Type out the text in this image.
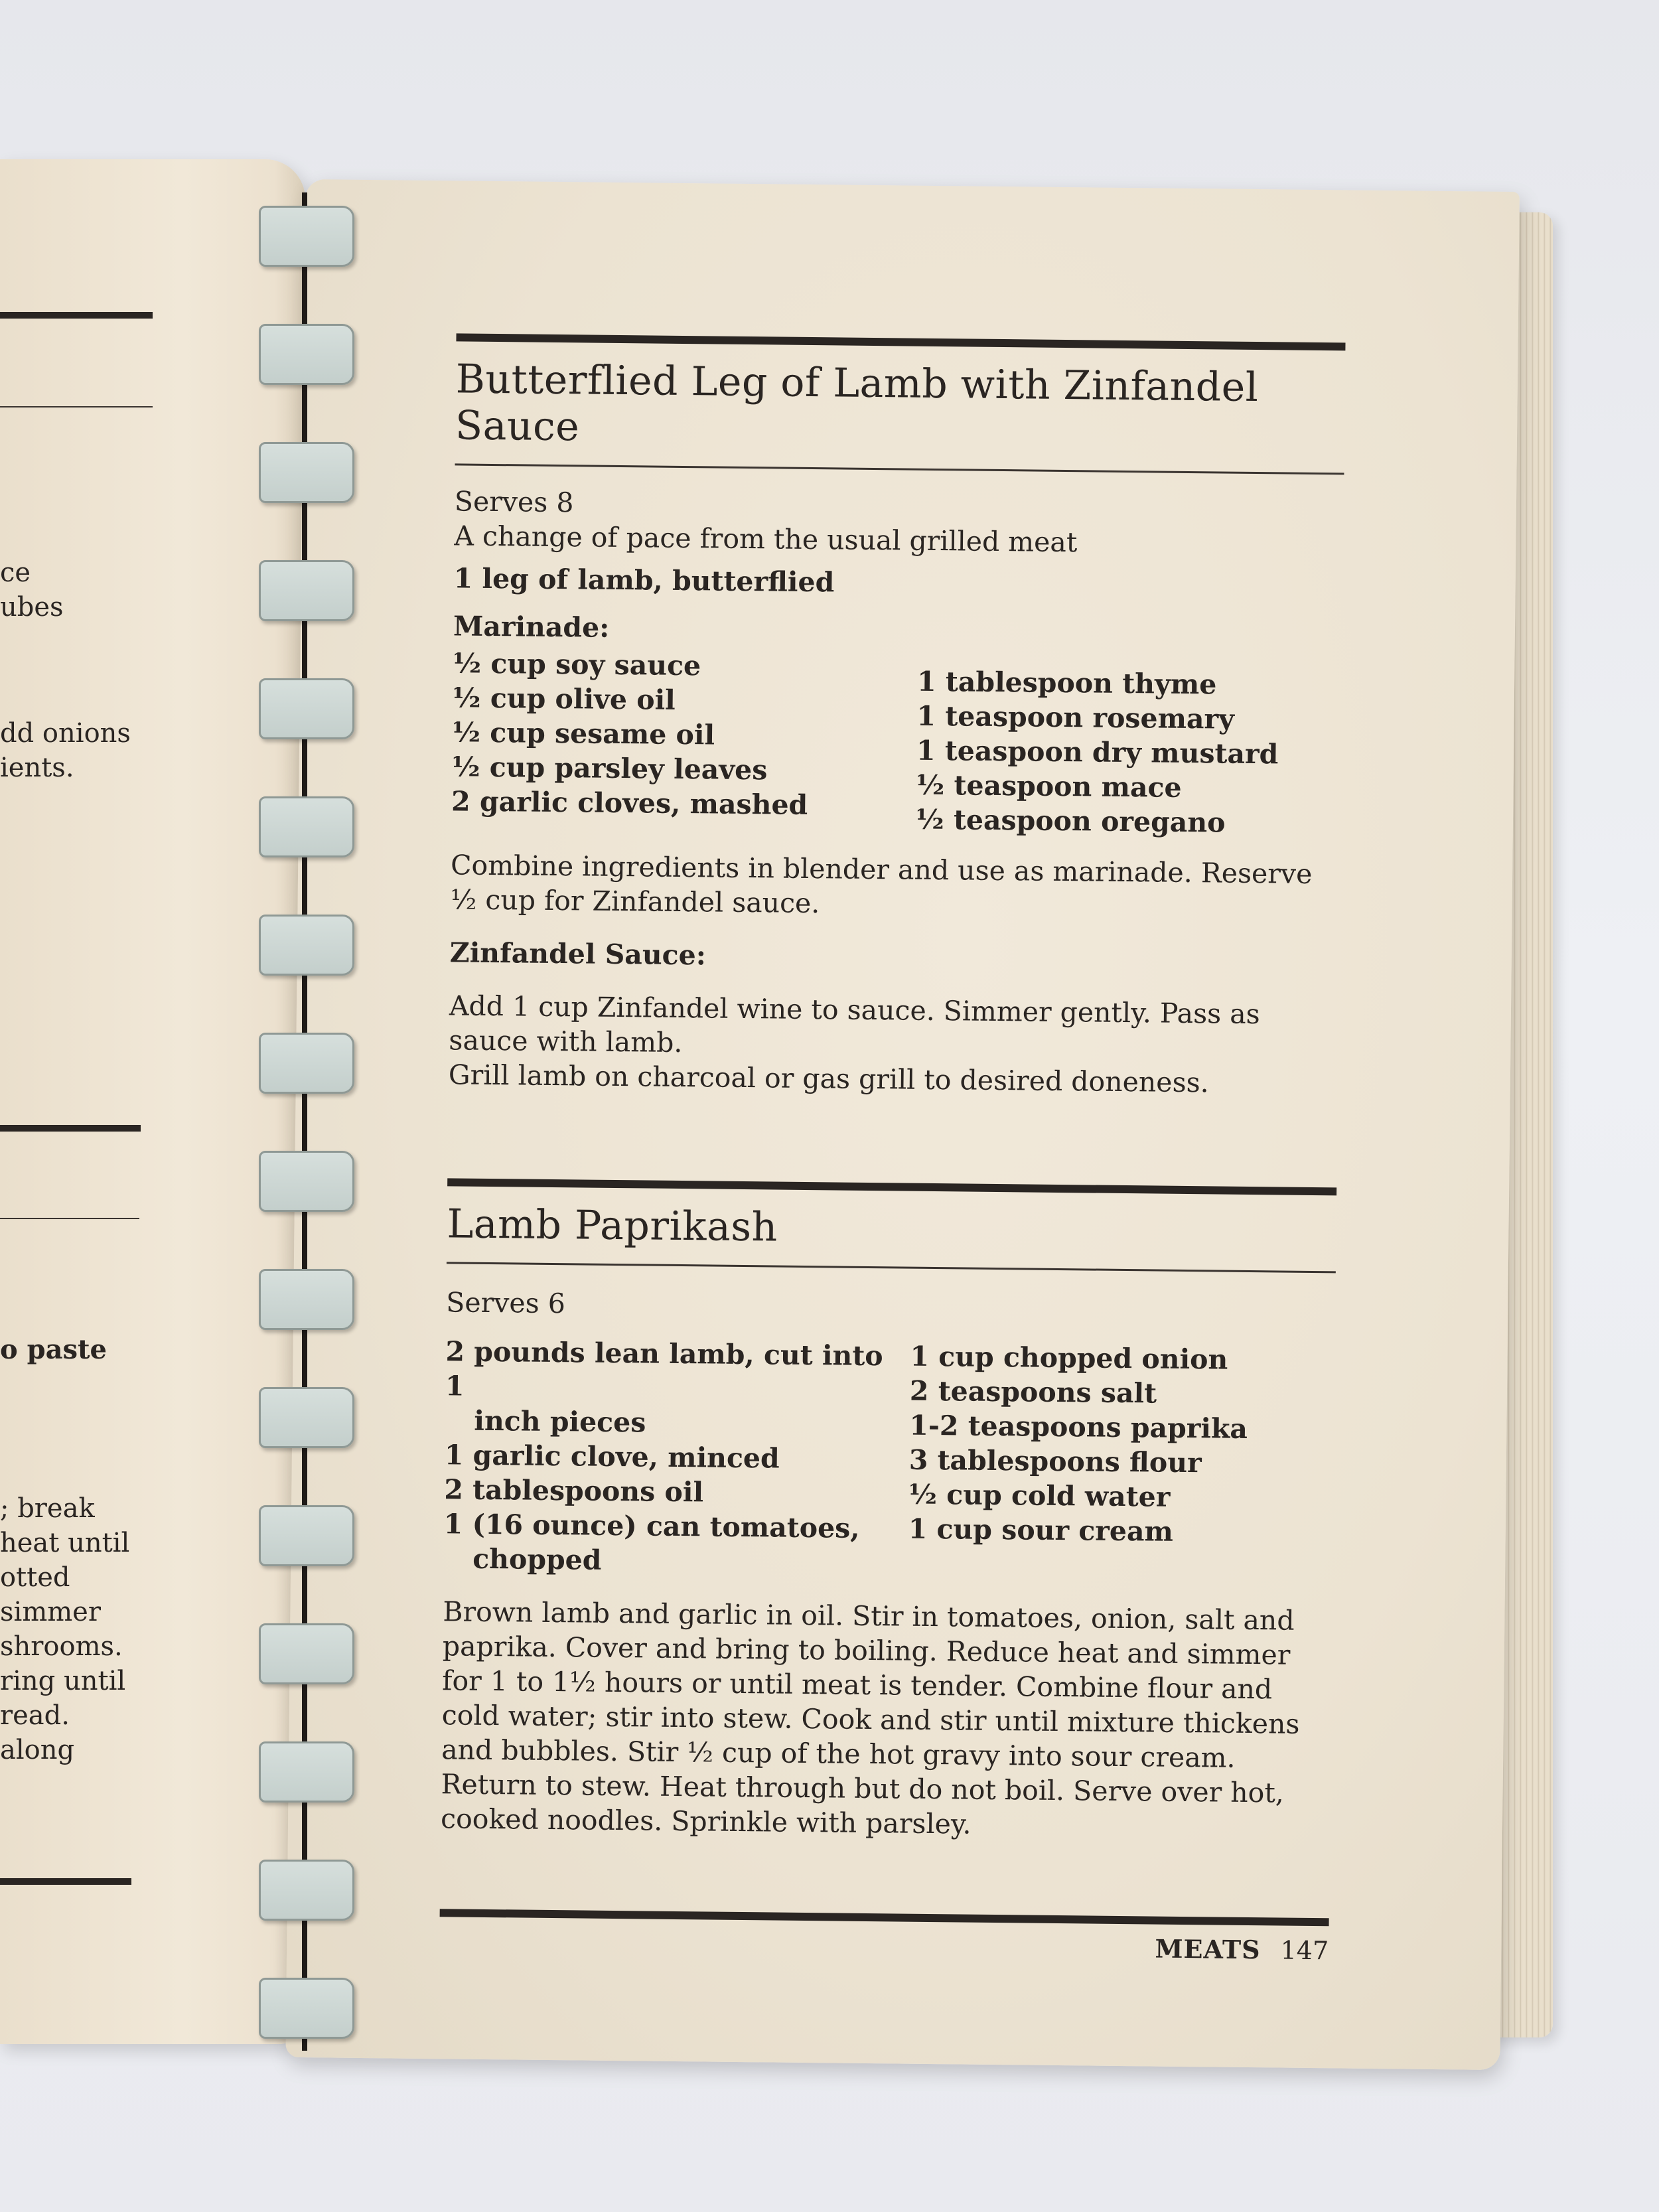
ce
ubes
dd onions
ients.
o paste
; break
heat until
otted
simmer
shrooms.
ring until
read.
along
Butterflied Leg of Lamb with Zinfandel Sauce
Serves 8
A change of pace from the usual grilled meat
1 leg of lamb, butterflied
Marinade:
½ cup soy sauce
½ cup olive oil
½ cup sesame oil
½ cup parsley leaves
2 garlic cloves, mashed
1 tablespoon thyme
1 teaspoon rosemary
1 teaspoon dry mustard
½ teaspoon mace
½ teaspoon oregano
Combine ingredients in blender and use as marinade. Reserve ½ cup for Zinfandel sauce.
Zinfandel Sauce:
Add 1 cup Zinfandel wine to sauce. Simmer gently. Pass as sauce with lamb.
Grill lamb on charcoal or gas grill to desired doneness.
Lamb Paprikash
Serves 6
2 pounds lean lamb, cut into 1
inch pieces
1 garlic clove, minced
2 tablespoons oil
1 (16 ounce) can tomatoes,
chopped
1 cup chopped onion
2 teaspoons salt
1-2 teaspoons paprika
3 tablespoons flour
½ cup cold water
1 cup sour cream
Brown lamb and garlic in oil. Stir in tomatoes, onion, salt and paprika. Cover and bring to boiling. Reduce heat and simmer for 1 to 1½ hours or until meat is tender. Combine flour and cold water; stir into stew. Cook and stir until mixture thickens and bubbles. Stir ½ cup of the hot gravy into sour cream. Return to stew. Heat through but do not boil. Serve over hot, cooked noodles. Sprinkle with parsley.
MEATS 147
